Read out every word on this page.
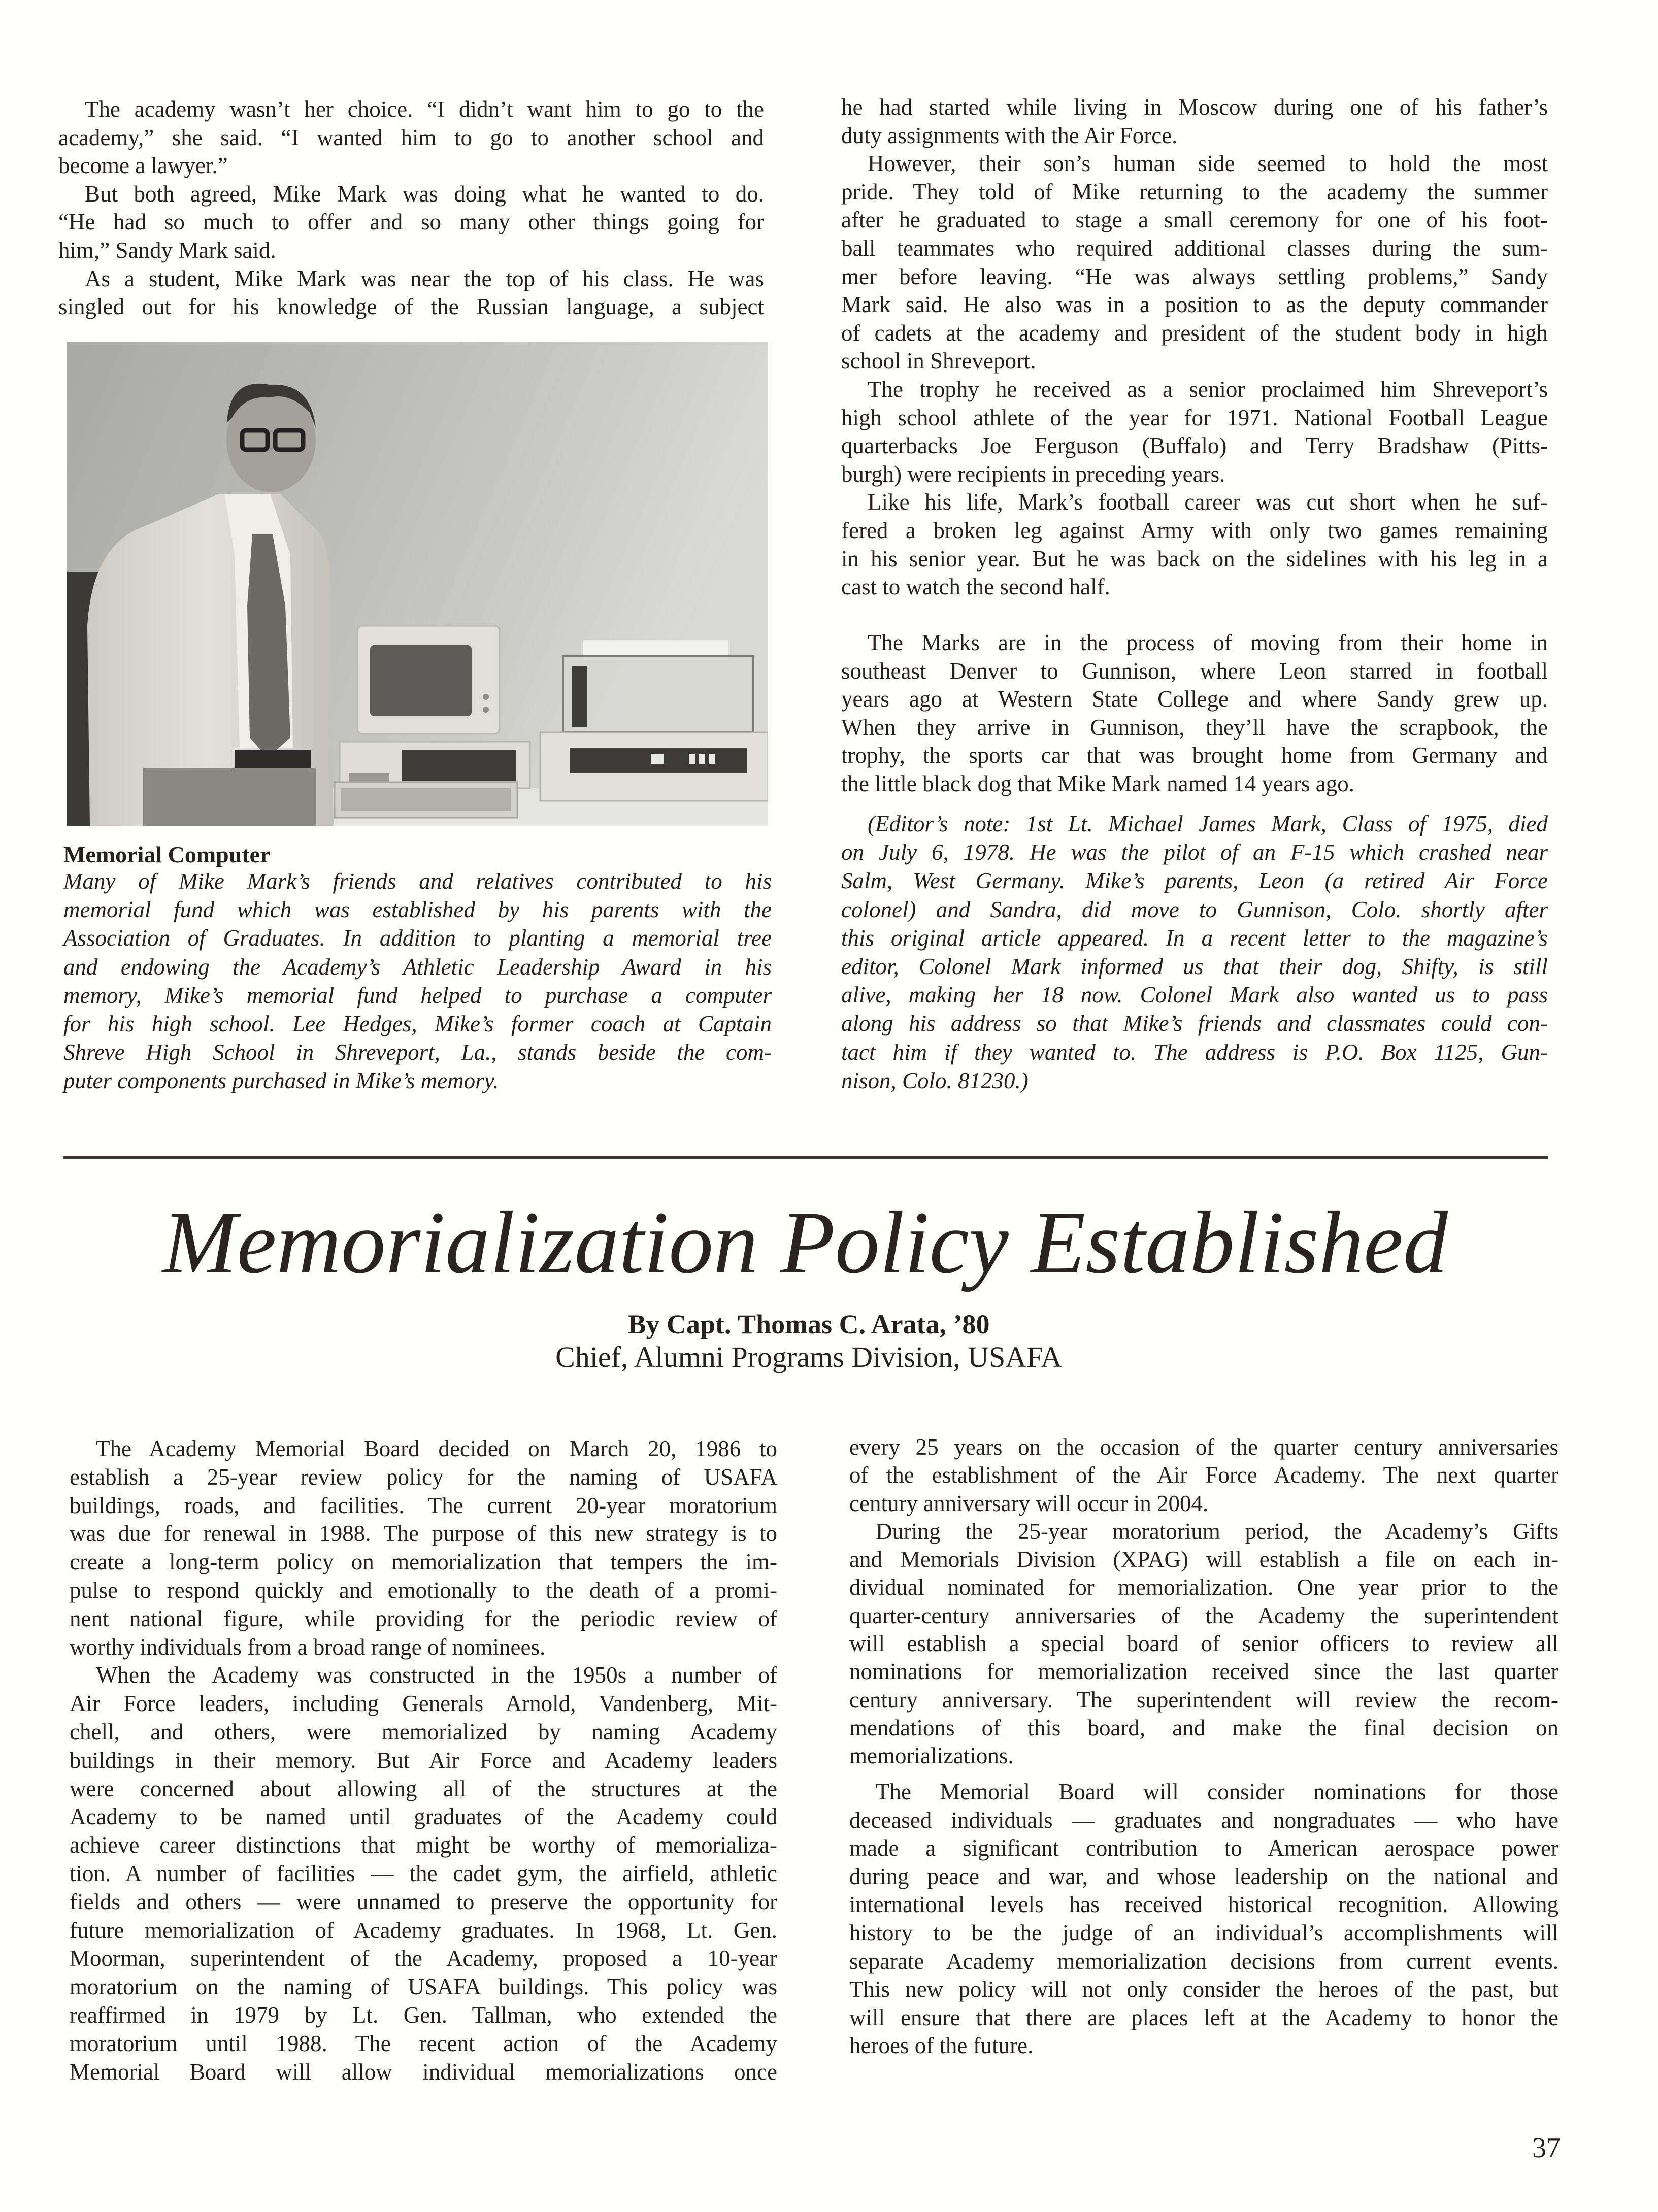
The academy wasn’t her choice. “I didn’t want him to go to the
academy,” she said. “I wanted him to go to another school and
become a lawyer.”
But both agreed, Mike Mark was doing what he wanted to do.
“He had so much to offer and so many other things going for
him,” Sandy Mark said.
As a student, Mike Mark was near the top of his class. He was
singled out for his knowledge of the Russian language, a subject
Memorial Computer
Many of Mike Mark’s friends and relatives contributed to his
memorial fund which was established by his parents with the
Association of Graduates. In addition to planting a memorial tree
and endowing the Academy’s Athletic Leadership Award in his
memory, Mike’s memorial fund helped to purchase a computer
for his high school. Lee Hedges, Mike’s former coach at Captain
Shreve High School in Shreveport, La., stands beside the com-
puter components purchased in Mike’s memory.
he had started while living in Moscow during one of his father’s
duty assignments with the Air Force.
However, their son’s human side seemed to hold the most
pride. They told of Mike returning to the academy the summer
after he graduated to stage a small ceremony for one of his foot-
ball teammates who required additional classes during the sum-
mer before leaving. “He was always settling problems,” Sandy
Mark said. He also was in a position to as the deputy commander
of cadets at the academy and president of the student body in high
school in Shreveport.
The trophy he received as a senior proclaimed him Shreveport’s
high school athlete of the year for 1971. National Football League
quarterbacks Joe Ferguson (Buffalo) and Terry Bradshaw (Pitts-
burgh) were recipients in preceding years.
Like his life, Mark’s football career was cut short when he suf-
fered a broken leg against Army with only two games remaining
in his senior year. But he was back on the sidelines with his leg in a
cast to watch the second half.
The Marks are in the process of moving from their home in
southeast Denver to Gunnison, where Leon starred in football
years ago at Western State College and where Sandy grew up.
When they arrive in Gunnison, they’ll have the scrapbook, the
trophy, the sports car that was brought home from Germany and
the little black dog that Mike Mark named 14 years ago.
(Editor’s note: 1st Lt. Michael James Mark, Class of 1975, died
on July 6, 1978. He was the pilot of an F-15 which crashed near
Salm, West Germany. Mike’s parents, Leon (a retired Air Force
colonel) and Sandra, did move to Gunnison, Colo. shortly after
this original article appeared. In a recent letter to the magazine’s
editor, Colonel Mark informed us that their dog, Shifty, is still
alive, making her 18 now. Colonel Mark also wanted us to pass
along his address so that Mike’s friends and classmates could con-
tact him if they wanted to. The address is P.O. Box 1125, Gun-
nison, Colo. 81230.)
Memorialization Policy Established
By Capt. Thomas C. Arata, ’80
Chief, Alumni Programs Division, USAFA
The Academy Memorial Board decided on March 20, 1986 to
establish a 25-year review policy for the naming of USAFA
buildings, roads, and facilities. The current 20-year moratorium
was due for renewal in 1988. The purpose of this new strategy is to
create a long-term policy on memorialization that tempers the im-
pulse to respond quickly and emotionally to the death of a promi-
nent national figure, while providing for the periodic review of
worthy individuals from a broad range of nominees.
When the Academy was constructed in the 1950s a number of
Air Force leaders, including Generals Arnold, Vandenberg, Mit-
chell, and others, were memorialized by naming Academy
buildings in their memory. But Air Force and Academy leaders
were concerned about allowing all of the structures at the
Academy to be named until graduates of the Academy could
achieve career distinctions that might be worthy of memorializa-
tion. A number of facilities — the cadet gym, the airfield, athletic
fields and others — were unnamed to preserve the opportunity for
future memorialization of Academy graduates. In 1968, Lt. Gen.
Moorman, superintendent of the Academy, proposed a 10-year
moratorium on the naming of USAFA buildings. This policy was
reaffirmed in 1979 by Lt. Gen. Tallman, who extended the
moratorium until 1988. The recent action of the Academy
Memorial Board will allow individual memorializations once
every 25 years on the occasion of the quarter century anniversaries
of the establishment of the Air Force Academy. The next quarter
century anniversary will occur in 2004.
During the 25-year moratorium period, the Academy’s Gifts
and Memorials Division (XPAG) will establish a file on each in-
dividual nominated for memorialization. One year prior to the
quarter-century anniversaries of the Academy the superintendent
will establish a special board of senior officers to review all
nominations for memorialization received since the last quarter
century anniversary. The superintendent will review the recom-
mendations of this board, and make the final decision on
memorializations.
The Memorial Board will consider nominations for those
deceased individuals — graduates and nongraduates — who have
made a significant contribution to American aerospace power
during peace and war, and whose leadership on the national and
international levels has received historical recognition. Allowing
history to be the judge of an individual’s accomplishments will
separate Academy memorialization decisions from current events.
This new policy will not only consider the heroes of the past, but
will ensure that there are places left at the Academy to honor the
heroes of the future.
37
